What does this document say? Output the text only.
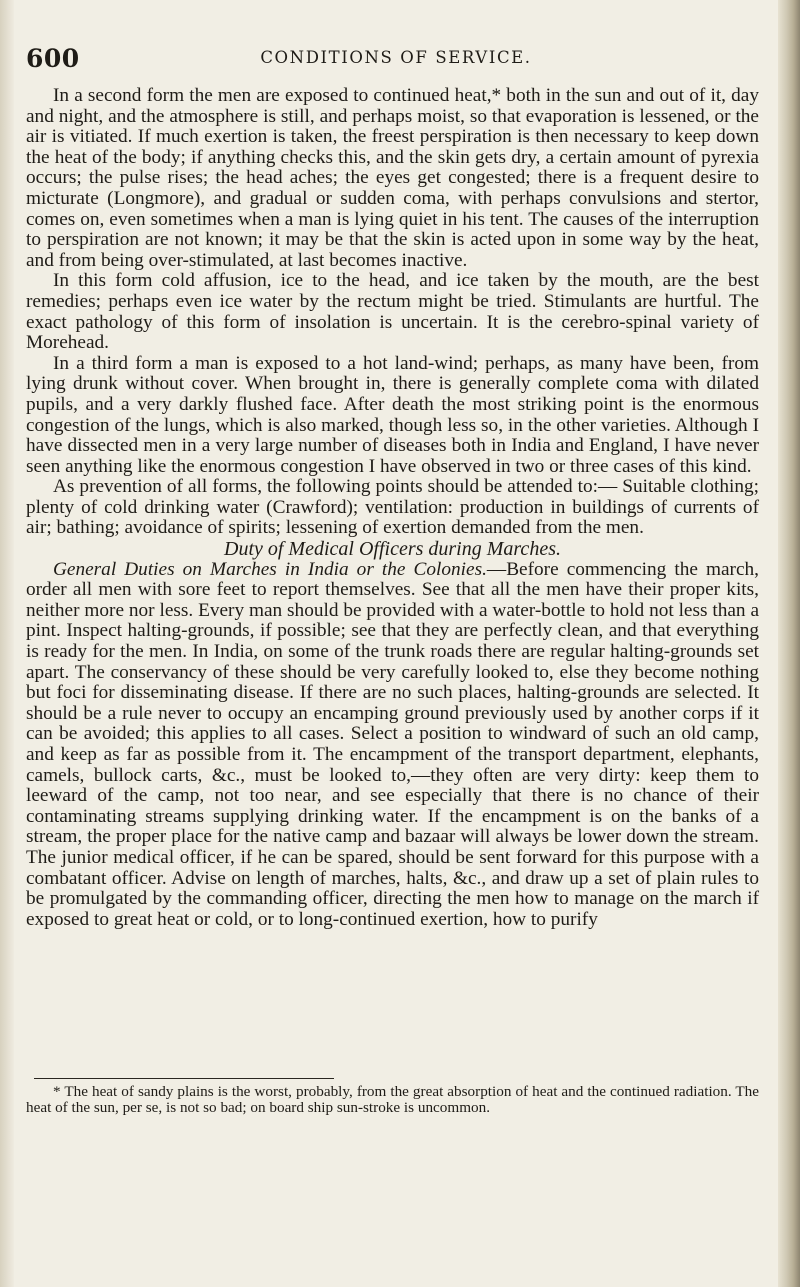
600	CONDITIONS OF SERVICE.

In a second form the men are exposed to continued heat,* both in the sun and out of it, day and night, and the atmosphere is still, and perhaps moist, so that evaporation is lessened, or the air is vitiated. If much exertion is taken, the freest perspiration is then necessary to keep down the heat of the body; if anything checks this, and the skin gets dry, a certain amount of pyrexia occurs; the pulse rises; the head aches; the eyes get congested; there is a frequent desire to micturate (Longmore), and gradual or sudden coma, with perhaps convulsions and stertor, comes on, even sometimes when a man is lying quiet in his tent. The causes of the interruption to perspiration are not known; it may be that the skin is acted upon in some way by the heat, and from being over-stimulated, at last becomes inactive.

In this form cold affusion, ice to the head, and ice taken by the mouth, are the best remedies; perhaps even ice water by the rectum might be tried. Stimulants are hurtful. The exact pathology of this form of insolation is uncertain. It is the cerebro-spinal variety of Morehead.

In a third form a man is exposed to a hot land-wind; perhaps, as many have been, from lying drunk without cover. When brought in, there is generally complete coma with dilated pupils, and a very darkly flushed face. After death the most striking point is the enormous congestion of the lungs, which is also marked, though less so, in the other varieties. Although I have dissected men in a very large number of diseases both in India and England, I have never seen anything like the enormous congestion I have observed in two or three cases of this kind.

As prevention of all forms, the following points should be attended to:— Suitable clothing; plenty of cold drinking water (Crawford); ventilation: production in buildings of currents of air; bathing; avoidance of spirits; lessening of exertion demanded from the men.

Duty of Medical Officers during Marches.

General Duties on Marches in India or the Colonies.—Before commencing the march, order all men with sore feet to report themselves. See that all the men have their proper kits, neither more nor less. Every man should be provided with a water-bottle to hold not less than a pint. Inspect halting-grounds, if possible; see that they are perfectly clean, and that everything is ready for the men. In India, on some of the trunk roads there are regular halting-grounds set apart. The conservancy of these should be very carefully looked to, else they become nothing but foci for disseminating disease. If there are no such places, halting-grounds are selected. It should be a rule never to occupy an encamping ground previously used by another corps if it can be avoided; this applies to all cases. Select a position to windward of such an old camp, and keep as far as possible from it. The encampment of the transport department, elephants, camels, bullock carts, &c., must be looked to,—they often are very dirty: keep them to leeward of the camp, not too near, and see especially that there is no chance of their contaminating streams supplying drinking water. If the encampment is on the banks of a stream, the proper place for the native camp and bazaar will always be lower down the stream. The junior medical officer, if he can be spared, should be sent forward for this purpose with a combatant officer. Advise on length of marches, halts, &c., and draw up a set of plain rules to be promulgated by the commanding officer, directing the men how to manage on the march if exposed to great heat or cold, or to long-continued exertion, how to purify

* The heat of sandy plains is the worst, probably, from the great absorption of heat and the continued radiation. The heat of the sun, per se, is not so bad; on board ship sun-stroke is uncommon.
